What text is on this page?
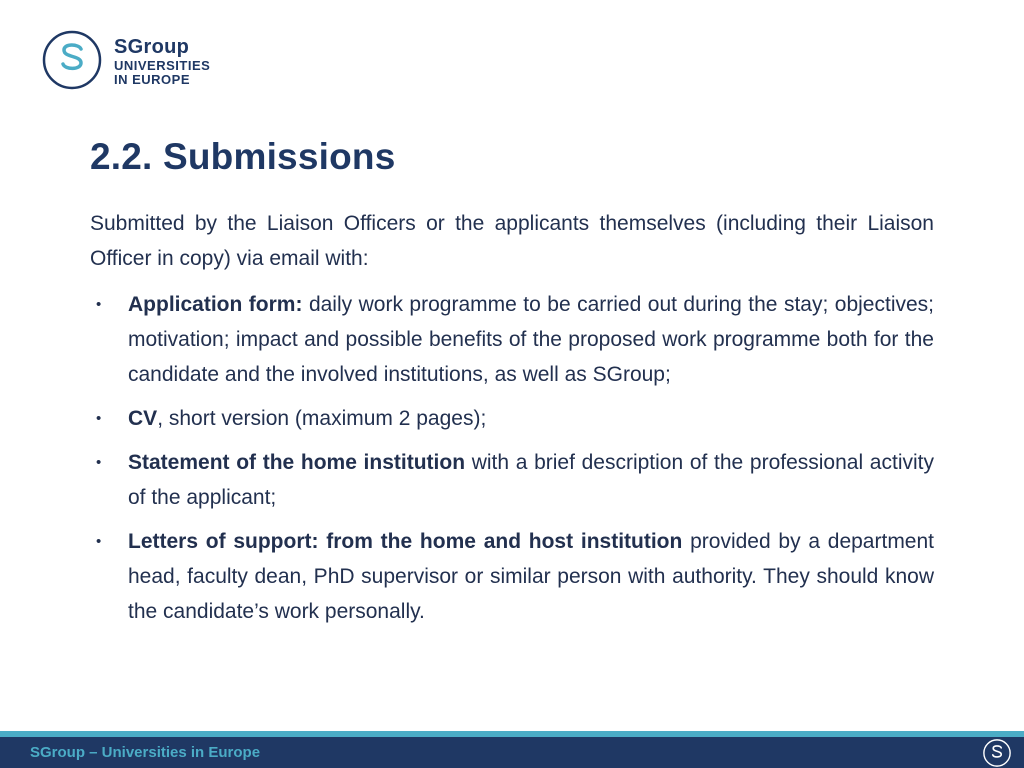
SGroup
UNIVERSITIES
IN EUROPE
2.2. Submissions

Submitted by the Liaison Officers or the applicants themselves (including their Liaison Officer in copy) via email with:

•	Application form: daily work programme to be carried out during the stay; objectives; motivation; impact and possible benefits of the proposed work programme both for the candidate and the involved institutions, as well as SGroup;

•	CV, short version (maximum 2 pages);

•	Statement of the home institution with a brief description of the professional activity of the applicant;

•	Letters of support: from the home and host institution provided by a department head, faculty dean, PhD supervisor or similar person with authority. They should know the candidate’s work personally.

SGroup – Universities in Europe
